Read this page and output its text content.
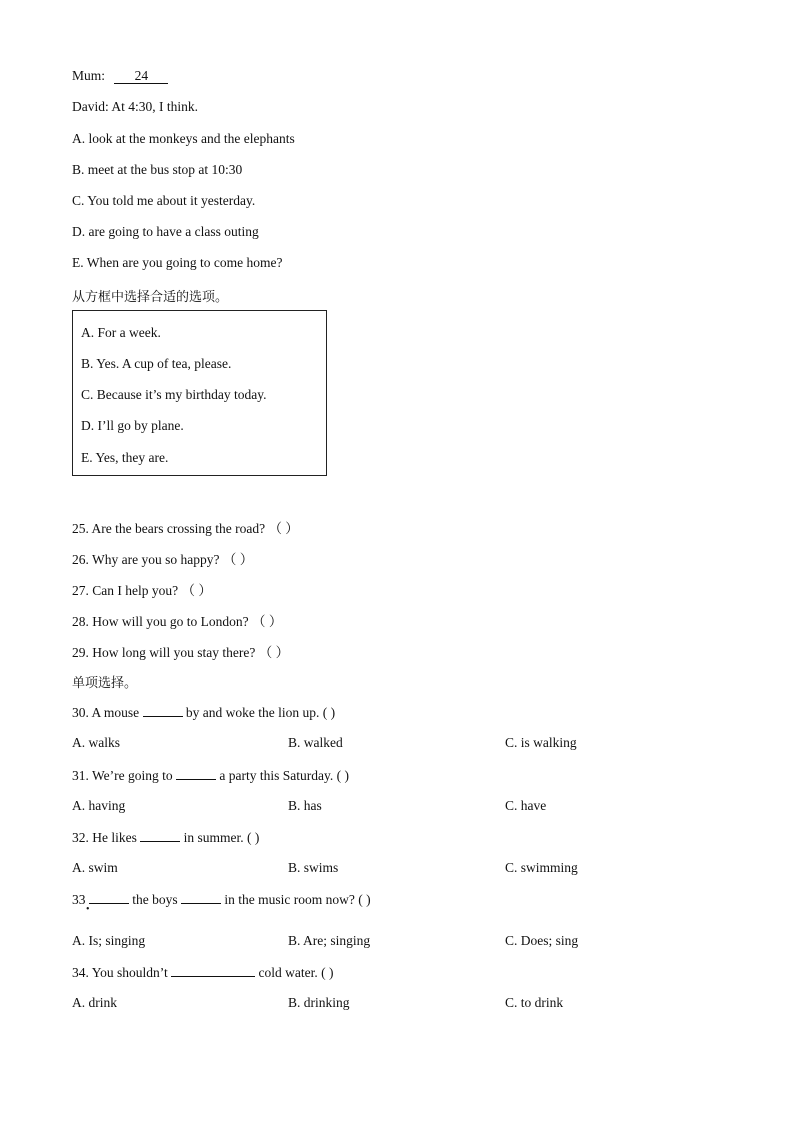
Mum: 24
David: At 4:30, I think.
A. look at the monkeys and the elephants
B. meet at the bus stop at 10:30
C. You told me about it yesterday.
D. are going to have a class outing
E. When are you going to come home?
从方框中选择合适的选项。
A. For a week.
B. Yes. A cup of tea, please.
C. Because it’s my birthday today.
D. I’ll go by plane.
E. Yes, they are.
25. Are the bears crossing the road? （ ）
26. Why are you so happy? （ ）
27. Can I help you? （ ）
28. How will you go to London? （ ）
29. How long will you stay there? （ ）
单项选择。
30. A mouse	by and woke the lion up. ( )
A. walks	B. walked	C. is walking
31. We’re going to	a party this Saturday. ( )
A. having	B. has	C. have
32. He likes	in summer. ( )
A. swim	B. swims	C. swimming
33	the boys	in the music room now? ( )
•
A. Is; singing	B. Are; singing	C. Does; sing
34. You shouldn’t	cold water. ( )
A. drink	B. drinking	C. to drink
